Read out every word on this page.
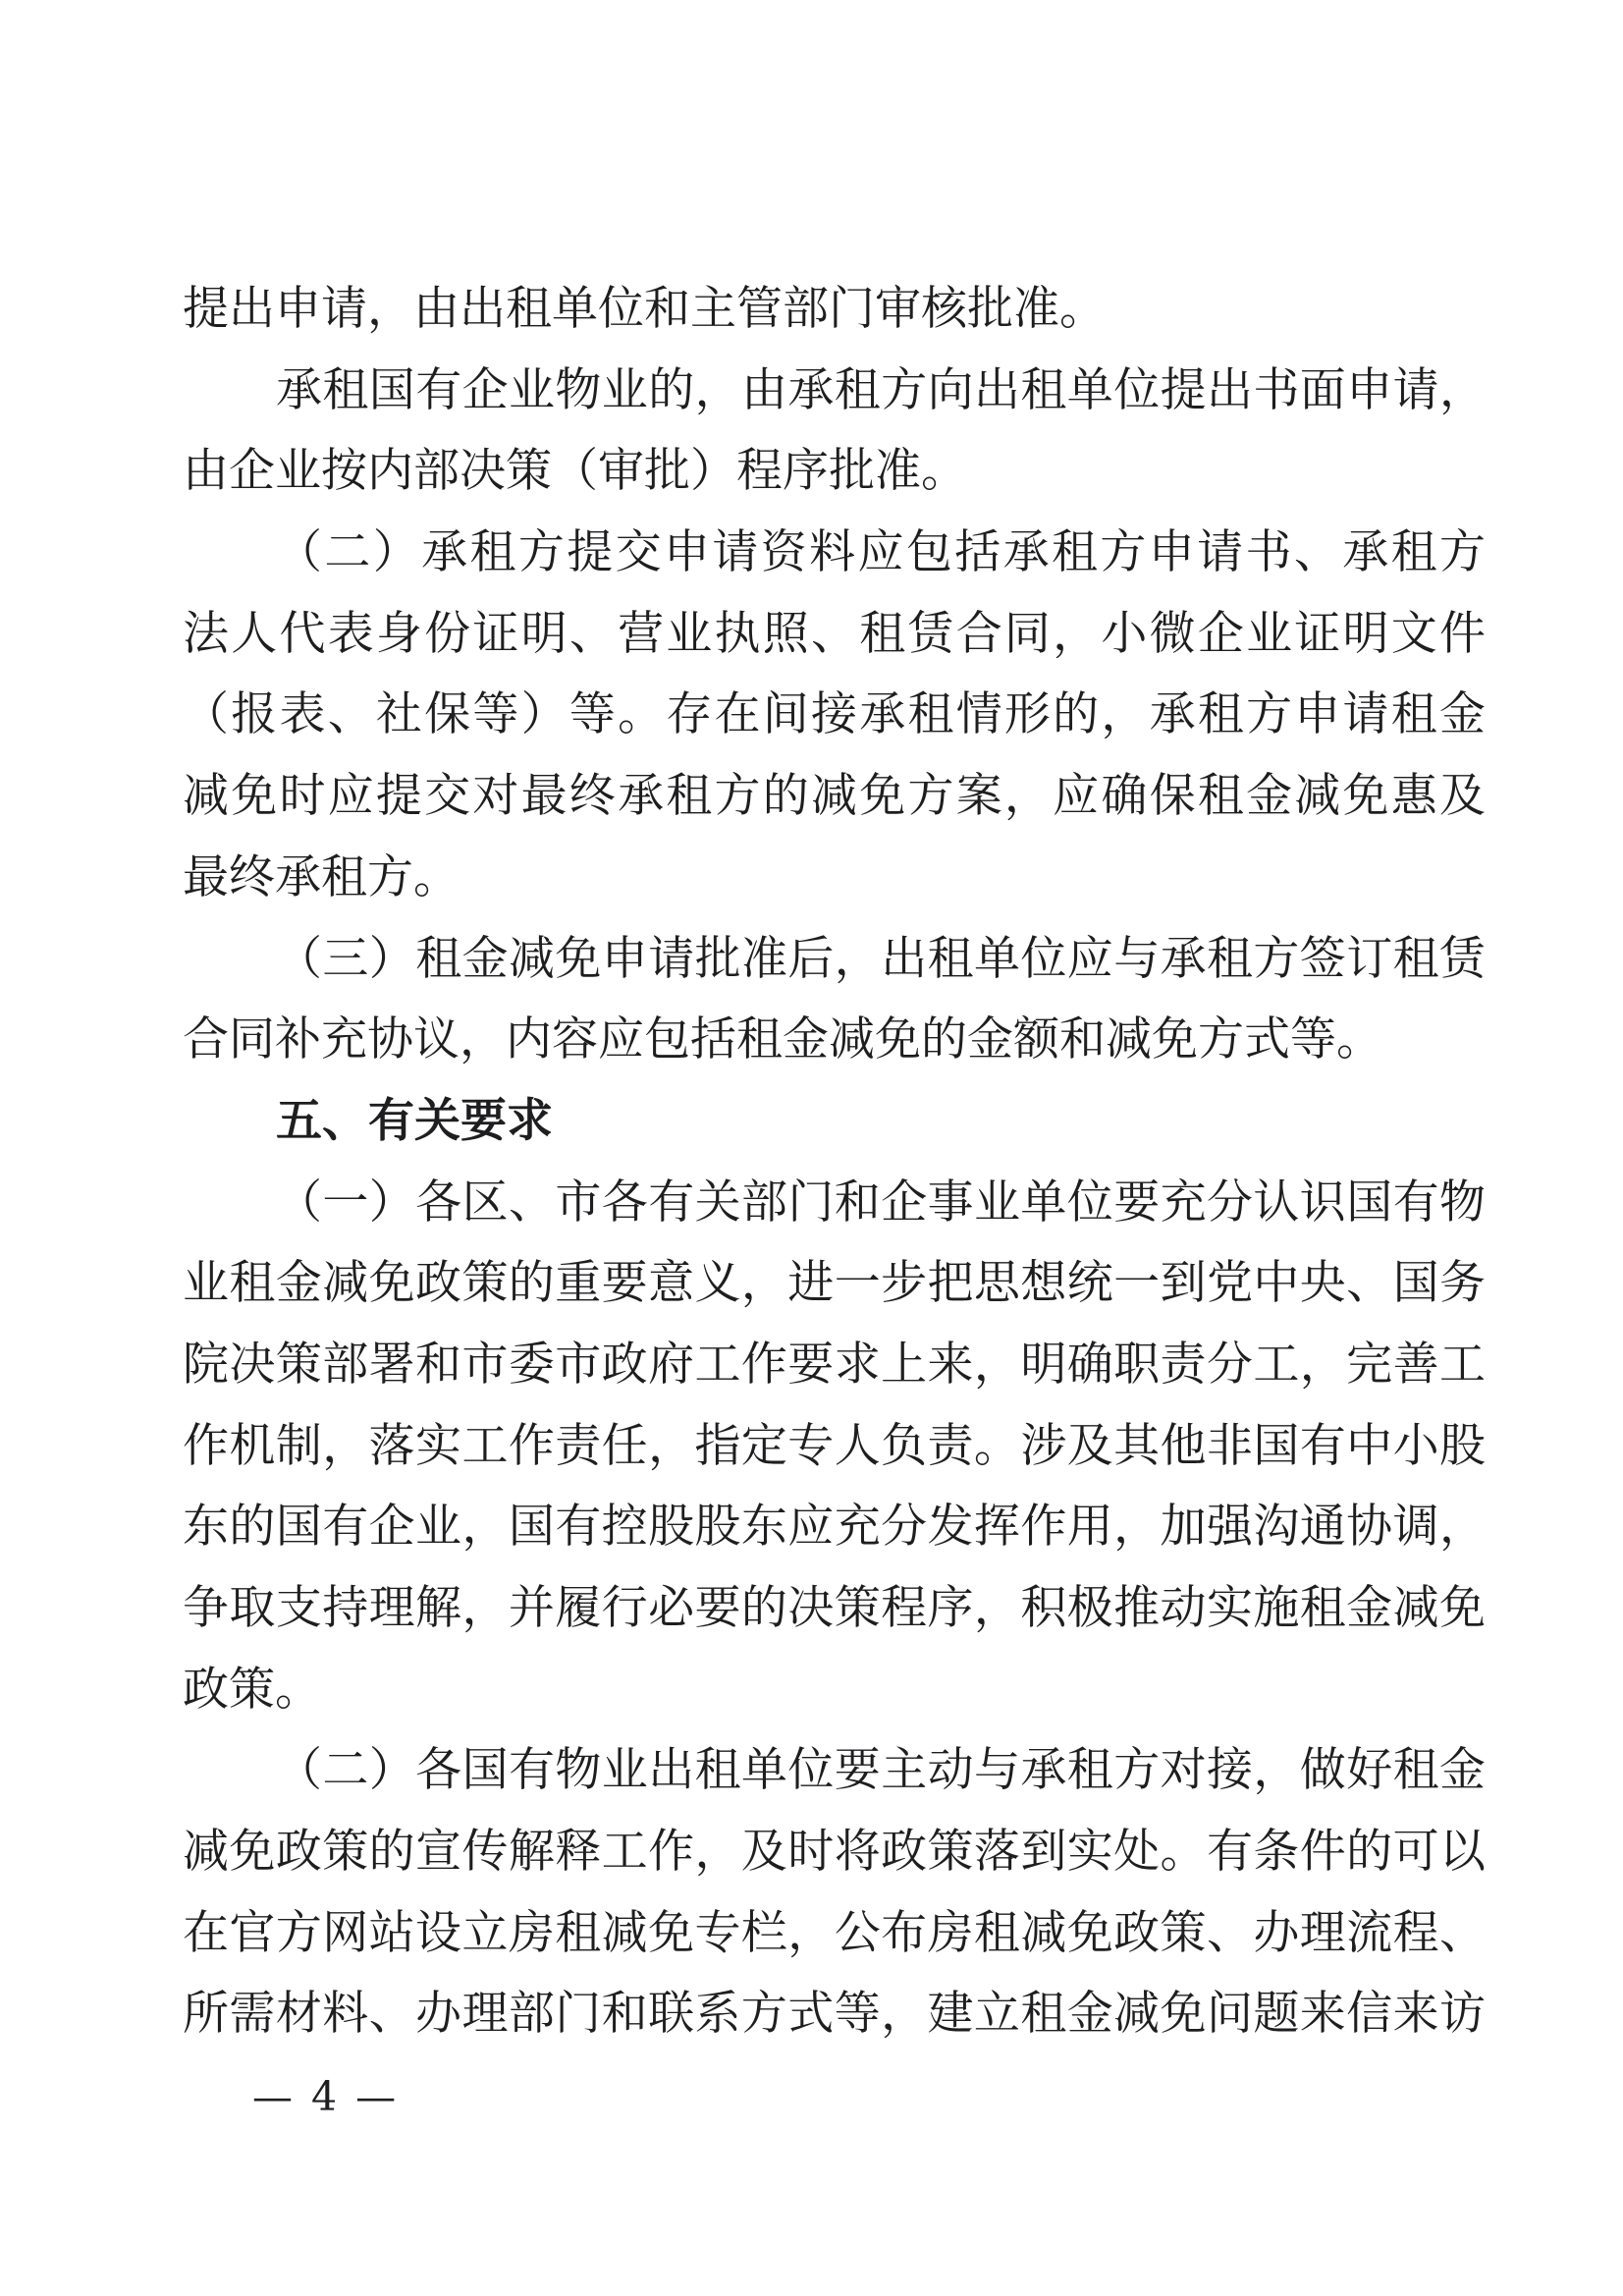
提出申请，由出租单位和主管部门审核批准。
承租国有企业物业的，由承租方向出租单位提出书面申请，
由企业按内部决策（审批）程序批准。
（二）承租方提交申请资料应包括承租方申请书、承租方
法人代表身份证明、营业执照、租赁合同，小微企业证明文件
（报表、社保等）等。存在间接承租情形的，承租方申请租金
减免时应提交对最终承租方的减免方案，应确保租金减免惠及
最终承租方。
（三）租金减免申请批准后，出租单位应与承租方签订租赁
合同补充协议，内容应包括租金减免的金额和减免方式等。
五、有关要求
（一）各区、市各有关部门和企事业单位要充分认识国有物
业租金减免政策的重要意义，进一步把思想统一到党中央、国务
院决策部署和市委市政府工作要求上来，明确职责分工，完善工
作机制，落实工作责任，指定专人负责。涉及其他非国有中小股
东的国有企业，国有控股股东应充分发挥作用，加强沟通协调，
争取支持理解，并履行必要的决策程序，积极推动实施租金减免
政策。
（二）各国有物业出租单位要主动与承租方对接，做好租金
减免政策的宣传解释工作，及时将政策落到实处。有条件的可以
在官方网站设立房租减免专栏，公布房租减免政策、办理流程、
所需材料、办理部门和联系方式等，建立租金减免问题来信来访
— 4 —
